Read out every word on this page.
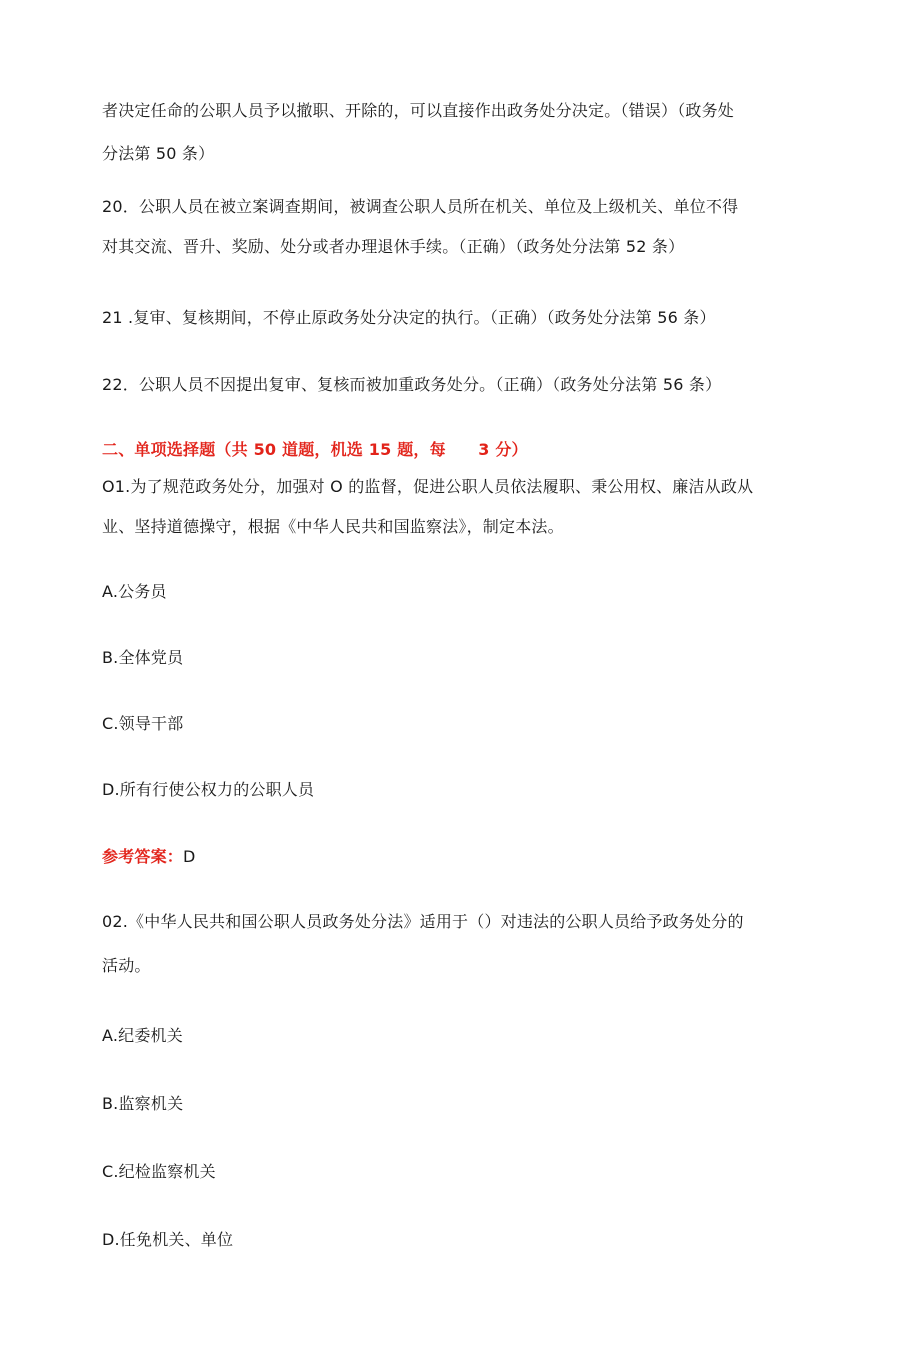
者决定任命的公职人员予以撤职、开除的，可以直接作出政务处分决定。（错误）（政务处
分法第 50 条）
20．公职人员在被立案调查期间，被调查公职人员所在机关、单位及上级机关、单位不得
对其交流、晋升、奖励、处分或者办理退休手续。（正确）（政务处分法第 52 条）
21 .复审、复核期间，不停止原政务处分决定的执行。（正确）（政务处分法第 56 条）
22．公职人员不因提出复审、复核而被加重政务处分。（正确）（政务处分法第 56 条）
二、单项选择题（共 50 道题，机选 15 题，每　　3 分）
O1.为了规范政务处分，加强对 O 的监督，促进公职人员依法履职、秉公用权、廉洁从政从
业、坚持道德操守，根据《中华人民共和国监察法》，制定本法。
A.公务员
B.全体党员
C.领导干部
D.所有行使公权力的公职人员
参考答案：D
02.《中华人民共和国公职人员政务处分法》适用于（）对违法的公职人员给予政务处分的
活动。
A.纪委机关
B.监察机关
C.纪检监察机关
D.任免机关、单位
